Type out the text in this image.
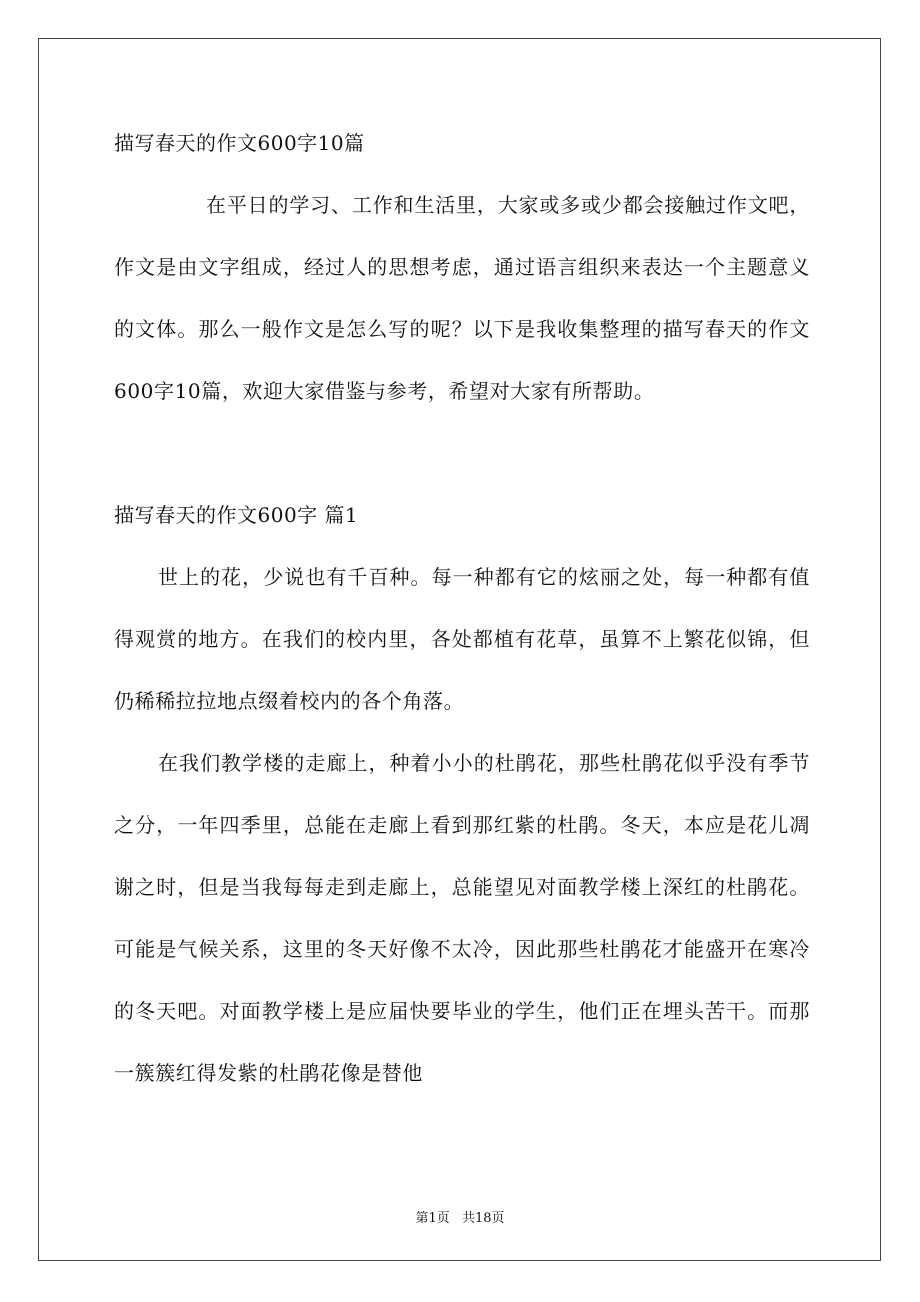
描写春天的作文600字10篇

在平日的学习、工作和生活里，大家或多或少都会接触过作文吧，作文是由文字组成，经过人的思想考虑，通过语言组织来表达一个主题意义的文体。那么一般作文是怎么写的呢？以下是我收集整理的描写春天的作文600字10篇，欢迎大家借鉴与参考，希望对大家有所帮助。

描写春天的作文600字 篇1

世上的花，少说也有千百种。每一种都有它的炫丽之处，每一种都有值得观赏的地方。在我们的校内里，各处都植有花草，虽算不上繁花似锦，但仍稀稀拉拉地点缀着校内的各个角落。

在我们教学楼的走廊上，种着小小的杜鹃花，那些杜鹃花似乎没有季节之分，一年四季里，总能在走廊上看到那红紫的杜鹃。冬天，本应是花儿凋谢之时，但是当我每每走到走廊上，总能望见对面教学楼上深红的杜鹃花。可能是气候关系，这里的冬天好像不太冷，因此那些杜鹃花才能盛开在寒冷的冬天吧。对面教学楼上是应届快要毕业的学生，他们正在埋头苦干。而那一簇簇红得发紫的杜鹃花像是替他

第1页 共18页
